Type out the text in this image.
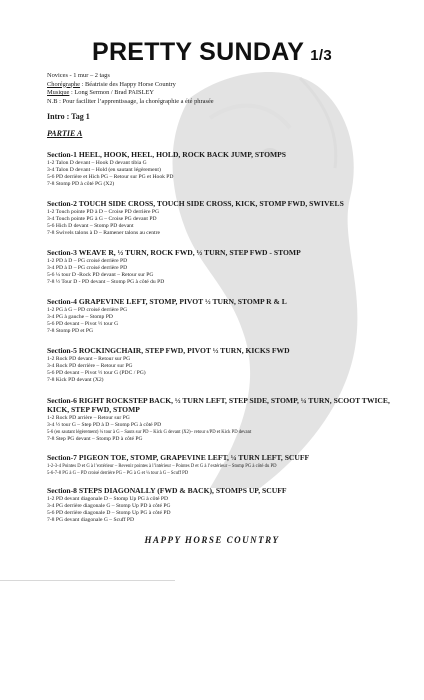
PRETTY SUNDAY 1/3
Novices - 1 mur – 2 tags
Chorégraphe : Béatrisie des Happy Horse Country
Musique : Long Sermon / Brad PAISLEY
N.B : Pour faciliter l’apprentissage, la chorégraphie a été phrasée
Intro : Tag 1
PARTIE A
Section-1 HEEL, HOOK, HEEL, HOLD, ROCK BACK JUMP, STOMPS
1-2 Talon D devant – Hook D devant tibia G
3-4 Talon D devant – Hold (en sautant légèrement)
5-6 PD derrière et Hich PG – Retour sur PG et Hook PD
7-8 Stomp PD à côté PG (X2)
Section-2 TOUCH SIDE CROSS, TOUCH SIDE CROSS, KICK, STOMP FWD, SWIVELS
1-2 Touch pointe PD à D – Croise PD derrière PG
3-4 Touch pointe PG à G – Croise PG devant PD
5-6 Hich D devant – Stomp PD devant
7-8 Swivels talons à D – Ramener talons au centre
Section-3 WEAVE R, ½ TURN, ROCK FWD, ½ TURN, STEP FWD - STOMP
1-2 PD à D – PG croisé derrière PD
3-4 PD à D – PG croisé derrière PD
5-6 ¼ tour D -Rock PD devant – Retour sur PG
7-8 ½ Tour D - PD devant – Stomp PG à côté du PD
Section-4 GRAPEVINE LEFT, STOMP, PIVOT ½ TURN, STOMP R & L
1-2 PG à G – PD croisé derrière PG
3-4 PG à gauche – Stomp PD
5-6 PD devant – Pivot ½ tour G
7-8 Stomp PD et PG
Section-5 ROCKINGCHAIR, STEP FWD, PIVOT ½ TURN, KICKS FWD
1-2 Rock PD devant – Retour sur PG
3-4 Rock PD derrière – Retour sur PG
5-6 PD devant – Pivot ½ tour G (PDC / PG)
7-8 Kick PD devant (X2)
Section-6 RIGHT ROCKSTEP BACK, ½ TURN LEFT, STEP SIDE, STOMP, ¼ TURN, SCOOT TWICE, KICK, STEP FWD, STOMP
1-2 Rock PD arrière – Retour sur PG
3-4 ½ tour G – Step PD à D – Stomp PG à côté PD
5-6 (en sautant légèrement) ¼ tour à G – Sauts sur PD – Kick G devant (X2)– retour s/PD et Kick PD devant
7-8 Step PG devant – Stomp PD à côté PG
Section-7 PIGEON TOE, STOMP, GRAPEVINE LEFT, ¼ TURN LEFT, SCUFF
1-2-3-4 Pointes D et G à l’extérieur – Revenir pointes à l’intérieur – Pointes D et G à l’extérieur – Stomp PG à côté du PD
5-6-7-8 PG à G – PD croisé derrière PG – PG à G et ¼ tour à G – Scuff PD
Section-8 STEPS DIAGONALLY (FWD & BACK), STOMPS UP, SCUFF
1-2 PD devant diagonale D – Stomp Up PG à côté PD
3-4 PG derrière diagonale G – Stomp Up PD à côté PG
5-6 PD derrière diagonale D – Stomp Up PG à côté PD
7-8 PG devant diagonale G – Scuff PD
HAPPY HORSE COUNTRY
